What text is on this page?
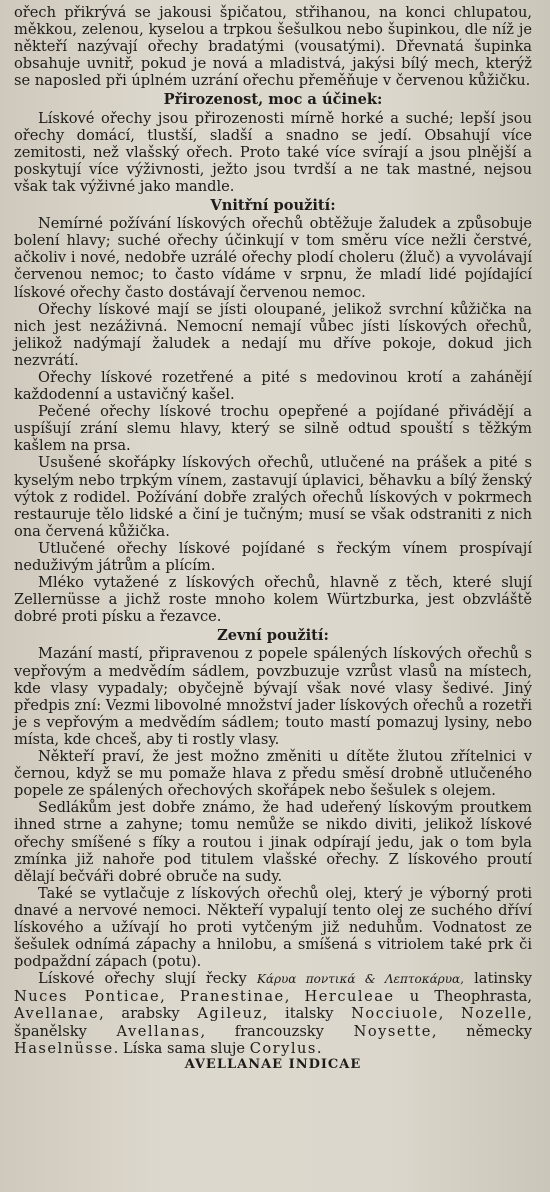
ořech přikrývá se jakousi špičatou, střihanou, na konci chlupatou, měkkou, zelenou, kyselou a trpkou šešulkou nebo šupinkou, dle níž je někteří nazývají ořechy bradatými (vousatými). Dřevnatá šupinka obsahuje uvnitř, pokud je nová a mladistvá, jakýsi bílý mech, kterýž se naposled při úplném uzrání ořechu přeměňuje v červenou kůžičku.

Přirozenost, moc a účinek:

Lískové ořechy jsou přirozenosti mírně horké a suché; lepší jsou ořechy domácí, tlustší, sladší a snadno se jedí. Obsahují více zemitosti, než vlašský ořech. Proto také více svírají a jsou plnější a poskytují více výživnosti, ježto jsou tvrdší a ne tak mastné, nejsou však tak výživné jako mandle.

Vnitřní použití:

Nemírné požívání lískových ořechů obtěžuje žaludek a způsobuje bolení hlavy; suché ořechy účinkují v tom směru více nežli čerstvé, ačkoliv i nové, nedobře uzrálé ořechy plodí choleru (žluč) a vyvolávají červenou nemoc; to často vídáme v srpnu, že mladí lidé pojídající lískové ořechy často dostávají červenou nemoc.

Ořechy lískové mají se jísti oloupané, jelikož svrchní kůžička na nich jest nezáživná. Nemocní nemají vůbec jísti lískových ořechů, jelikož nadýmají žaludek a nedají mu dříve pokoje, dokud jich nezvrátí.

Ořechy lískové rozetřené a pité s medovinou krotí a zahánějí každodenní a ustavičný kašel.

Pečené ořechy lískové trochu opepřené a pojídané přivádějí a uspíšují zrání slemu hlavy, který se silně odtud spouští s těžkým kašlem na prsa.

Usušené skořápky lískových ořechů, utlučené na prášek a pité s kyselým nebo trpkým vínem, zastavují úplavici, běhavku a bílý ženský výtok z rodidel. Požívání dobře zralých ořechů lískových v pokrmech restauruje tělo lidské a činí je tučným; musí se však odstraniti z nich ona červená kůžička.

Utlučené ořechy lískové pojídané s řeckým vínem prospívají neduživým játrům a plícím.

Mléko vytažené z lískových ořechů, hlavně z těch, které slují Zellernüsse a jichž roste mnoho kolem Würtzburka, jest obzvláště dobré proti písku a řezavce.

Zevní použití:

Mazání mastí, připravenou z popele spálených lískových ořechů s vepřovým a medvědím sádlem, povzbuzuje vzrůst vlasů na místech, kde vlasy vypadaly; obyčejně bývají však nové vlasy šedivé. Jiný předpis zní: Vezmi libovolné množství jader lískových ořechů a rozetři je s vepřovým a medvědím sádlem; touto mastí pomazuj lysiny, nebo místa, kde chceš, aby ti rostly vlasy.

Někteří praví, že jest možno změniti u dítěte žlutou zřítelnici v černou, když se mu pomaže hlava z předu směsí drobně utlučeného popele ze spálených ořechových skořápek nebo šešulek s olejem.

Sedlákům jest dobře známo, že had udeřený lískovým proutkem ihned strne a zahyne; tomu nemůže se nikdo diviti, jelikož lískové ořechy smíšené s fíky a routou i jinak odpírají jedu, jak o tom byla zmínka již nahoře pod titulem vlašské ořechy. Z lískového proutí dělají bečváři dobré obruče na sudy.

Také se vytlačuje z lískových ořechů olej, který je výborný proti dnavé a nervové nemoci. Někteří vypalují tento olej ze suchého dříví lískového a užívají ho proti vytčeným již neduhům. Vodnatost ze šešulek odnímá zápachy a hnilobu, a smíšená s vitriolem také prk či podpaždní zápach (potu).

Lískové ořechy slují řecky Κάρυα ποντικά & Λεπτοκάρυα, latinsky Nuces Ponticae, Pranestinae, Herculeae u Theophrasta, Avellanae, arabsky Agileuz, italsky Nocciuole, Nozelle, španělsky Avellanas, francouzsky Noysette, německy Haselnüsse. Líska sama sluje Corylus.

AVELLANAE INDICAE
